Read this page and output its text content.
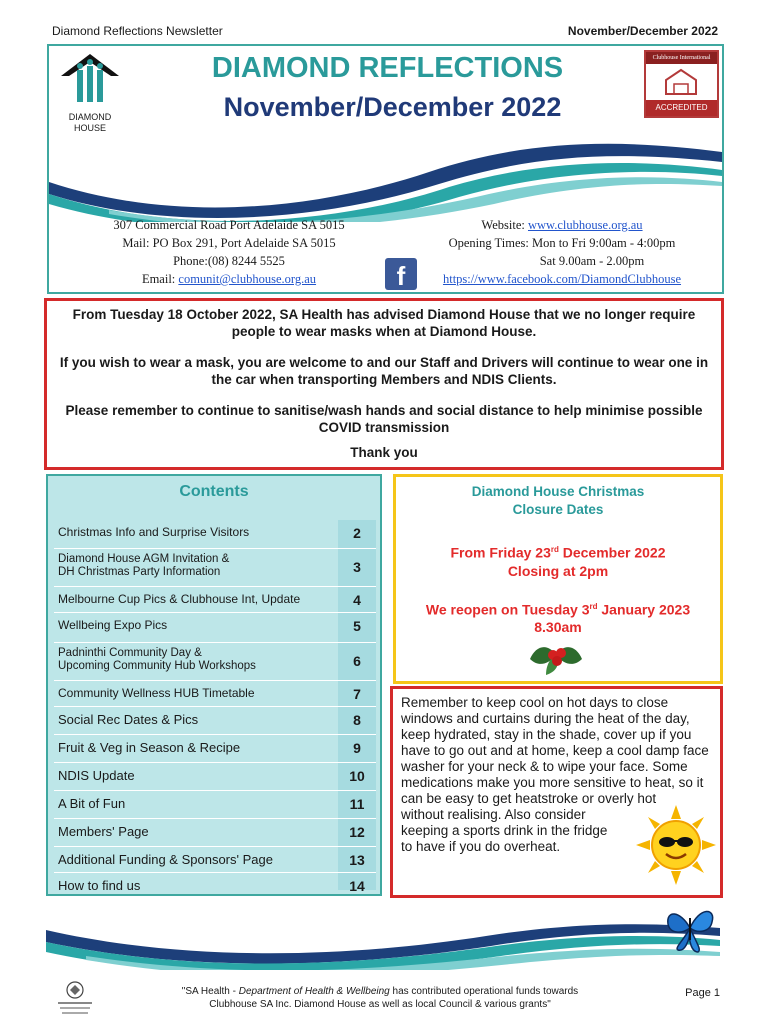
Diamond Reflections Newsletter	November/December 2022
DIAMOND
HOUSE
DIAMOND REFLECTIONS
November/December 2022
Clubhouse International
ACCREDITED
307 Commercial Road Port Adelaide SA 5015
Mail: PO Box 291, Port Adelaide SA 5015
Phone:(08) 8244 5525
Email: comunit@clubhouse.org.au	f
Website: www.clubhouse.org.au
Opening Times: Mon to Fri 9:00am - 4:00pm
Sat 9.00am - 2.00pm
https://www.facebook.com/DiamondClubhouse

From Tuesday 18 October 2022, SA Health has advised Diamond House that we no longer require people to wear masks when at Diamond House.

If you wish to wear a mask, you are welcome to and our Staff and Drivers will continue to wear one in the car when transporting Members and NDIS Clients.

Please remember to continue to sanitise/wash hands and social distance to help minimise possible COVID transmission

Thank you

Contents
Christmas Info and Surprise Visitors	2
Diamond House AGM Invitation &
DH Christmas Party Information	3
Melbourne Cup Pics & Clubhouse Int, Update	4
Wellbeing Expo Pics	5
Padninthi Community Day &
Upcoming Community Hub Workshops	6
Community Wellness HUB Timetable	7
Social Rec Dates & Pics	8
Fruit & Veg in Season & Recipe	9
NDIS Update	10
A Bit of Fun	11
Members' Page	12
Additional Funding & Sponsors' Page	13
How to find us	14
Diamond House Christmas
Closure Dates
From Friday 23rd December 2022
Closing at 2pm
We reopen on Tuesday 3rd January 2023
8.30am
Remember to keep cool on hot days to close windows and curtains during the heat of the day, keep hydrated, stay in the shade, cover up if you have to go out and at home, keep a cool damp face washer for your neck & to wipe your face. Some medications make you more sensitive to heat, so it can be easy to get heatstroke or overly hot
without realising. Also consider
keeping a sports drink in the fridge
to have if you do overheat.
"SA Health - Department of Health & Wellbeing has contributed operational funds towards
Clubhouse SA Inc. Diamond House as well as local Council & various grants"
Page 1
